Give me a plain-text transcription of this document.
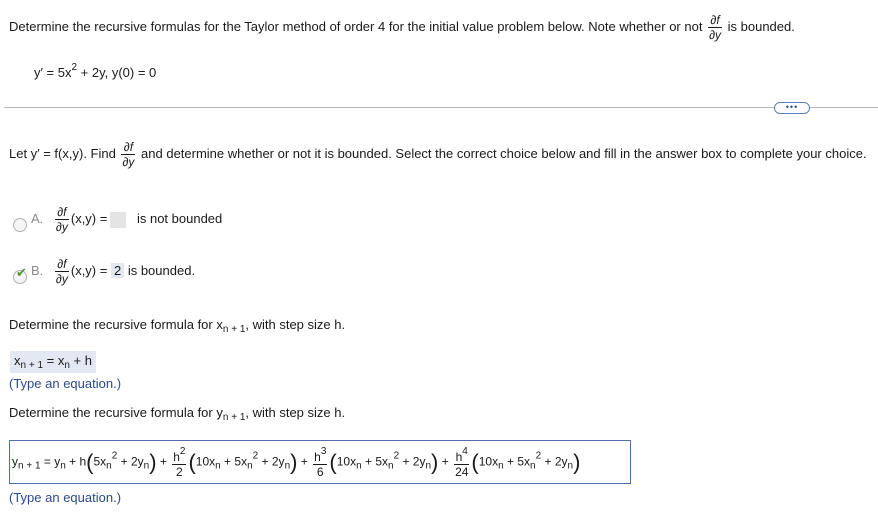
Determine the recursive formulas for the Taylor method of order 4 for the initial value problem below. Note whether or not $\frac{\partial f}{\partial y}$ is bounded.
$y' = 5x^2 + 2y$, y(0) = 0
•••
Let y′ = f(x,y). Find $\frac{\partial f}{\partial y}$ and determine whether or not it is bounded. Select the correct choice below and fill in the answer box to complete your choice.
A. $\frac{\partial f}{\partial y} (x,y)$ = is not bounded
✔ B. $\frac{\partial f}{\partial y} (x,y) = 2$ is bounded.
Determine the recursive formula for $x_{n + 1}$, with step size h.
$x_{n + 1} = x_n + h$
(Type an equation.)
Determine the recursive formula for $y_{n + 1}$, with step size h.
$y_{n + 1} = y_n + h(5x_n^2 + 2y_n) + \frac{h^2}{2} (10x_n + 5x_n^2 + 2y_n) + \frac{h^3}{6} (10x_n + 5x_n^2 + 2y_n) + \frac{h^4}{24} (10x_n + 5x_n^2 + 2y_n)$
(Type an equation.)
